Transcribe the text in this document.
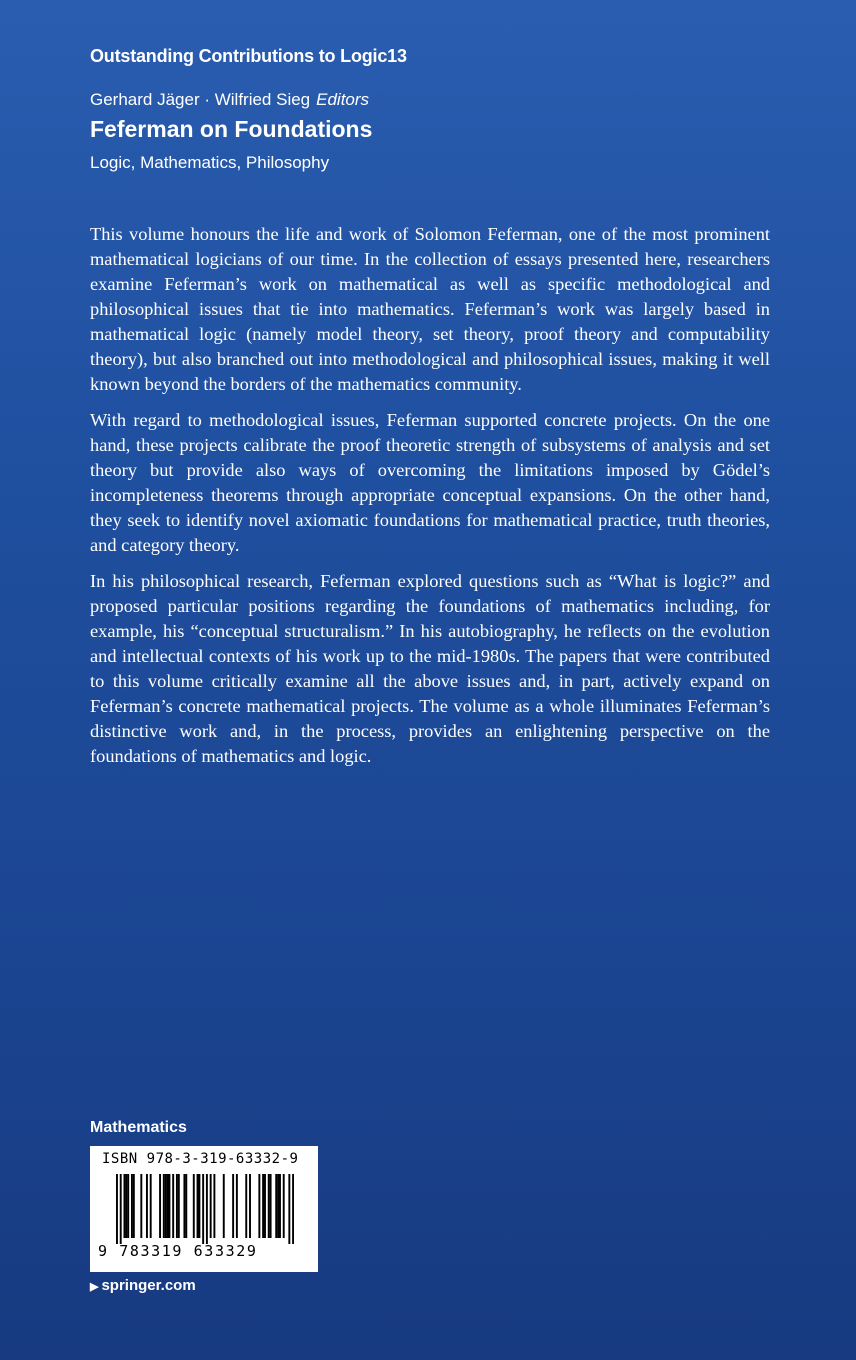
Outstanding Contributions to Logic13
Gerhard Jäger · Wilfried Sieg Editors
Feferman on Foundations
Logic, Mathematics, Philosophy

This volume honours the life and work of Solomon Feferman, one of the most prominent mathematical logicians of our time. In the collection of essays presented here, researchers examine Feferman’s work on mathematical as well as specific methodological and philosophical issues that tie into mathematics. Feferman’s work was largely based in mathematical logic (namely model theory, set theory, proof theory and computability theory), but also branched out into methodological and philosophical issues, making it well known beyond the borders of the mathematics community.

With regard to methodological issues, Feferman supported concrete projects. On the one hand, these projects calibrate the proof theoretic strength of subsystems of analysis and set theory but provide also ways of overcoming the limitations imposed by Gödel’s incompleteness theorems through appropriate conceptual expansions. On the other hand, they seek to identify novel axiomatic foundations for mathematical practice, truth theories, and category theory.

In his philosophical research, Feferman explored questions such as “What is logic?” and proposed particular positions regarding the foundations of mathematics including, for example, his “conceptual structuralism.” In his autobiography, he reflects on the evolution and intellectual contexts of his work up to the mid-1980s. The papers that were contributed to this volume critically examine all the above issues and, in part, actively expand on Feferman’s concrete mathematical projects. The volume as a whole illuminates Feferman’s distinctive work and, in the process, provides an enlightening perspective on the foundations of mathematics and logic.

Mathematics
ISBN 978-3-319-63332-9
9 783319 633329
▶ springer.com
